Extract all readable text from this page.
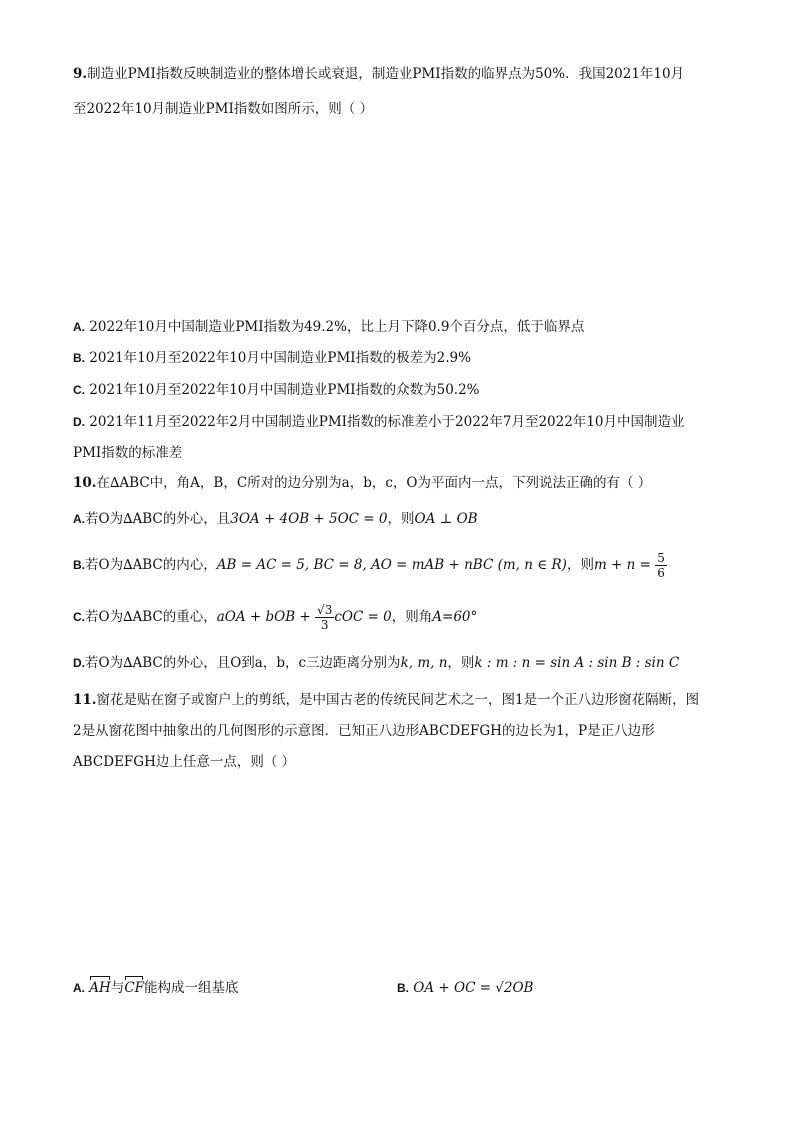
9.制造业PMI指数反映制造业的整体增长或衰退，制造业PMI指数的临界点为50%．我国2021年10月
至2022年10月制造业PMI指数如图所示，则（ ）
A. 2022年10月中国制造业PMI指数为49.2%，比上月下降0.9个百分点，低于临界点
B. 2021年10月至2022年10月中国制造业PMI指数的极差为2.9%
C. 2021年10月至2022年10月中国制造业PMI指数的众数为50.2%
D. 2021年11月至2022年2月中国制造业PMI指数的标准差小于2022年7月至2022年10月中国制造业
PMI指数的标准差
10.在∆ABC中，角A，B，C所对的边分别为a，b，c，O为平面内一点，下列说法正确的有（ ）
A.若O为∆ABC的外心，且3OA + 4OB + 5OC = 0，则OA ⊥ OB
B.若O为∆ABC的内心，AB = AC = 5, BC = 8, AO = mAB + nBC (m, n ∈ R)，则$m + n = \frac{5}{6}$
C.若O为∆ABC的重心，aOA + bOB + $\frac{√3}{3}$ cOC = 0，则角A=60°
D.若O为∆ABC的外心，且O到a，b，c三边距离分别为k, m, n，则k : m : n = sin A : sin B : sin C
11.窗花是贴在窗子或窗户上的剪纸，是中国古老的传统民间艺术之一，图1是一个正八边形窗花隔断，图
2是从窗花图中抽象出的几何图形的示意图．已知正八边形ABCDEFGH的边长为1，P是正八边形
ABCDEFGH边上任意一点，则（ ）
A. AH与CF能构成一组基底	B. OA + OC = √2OB
